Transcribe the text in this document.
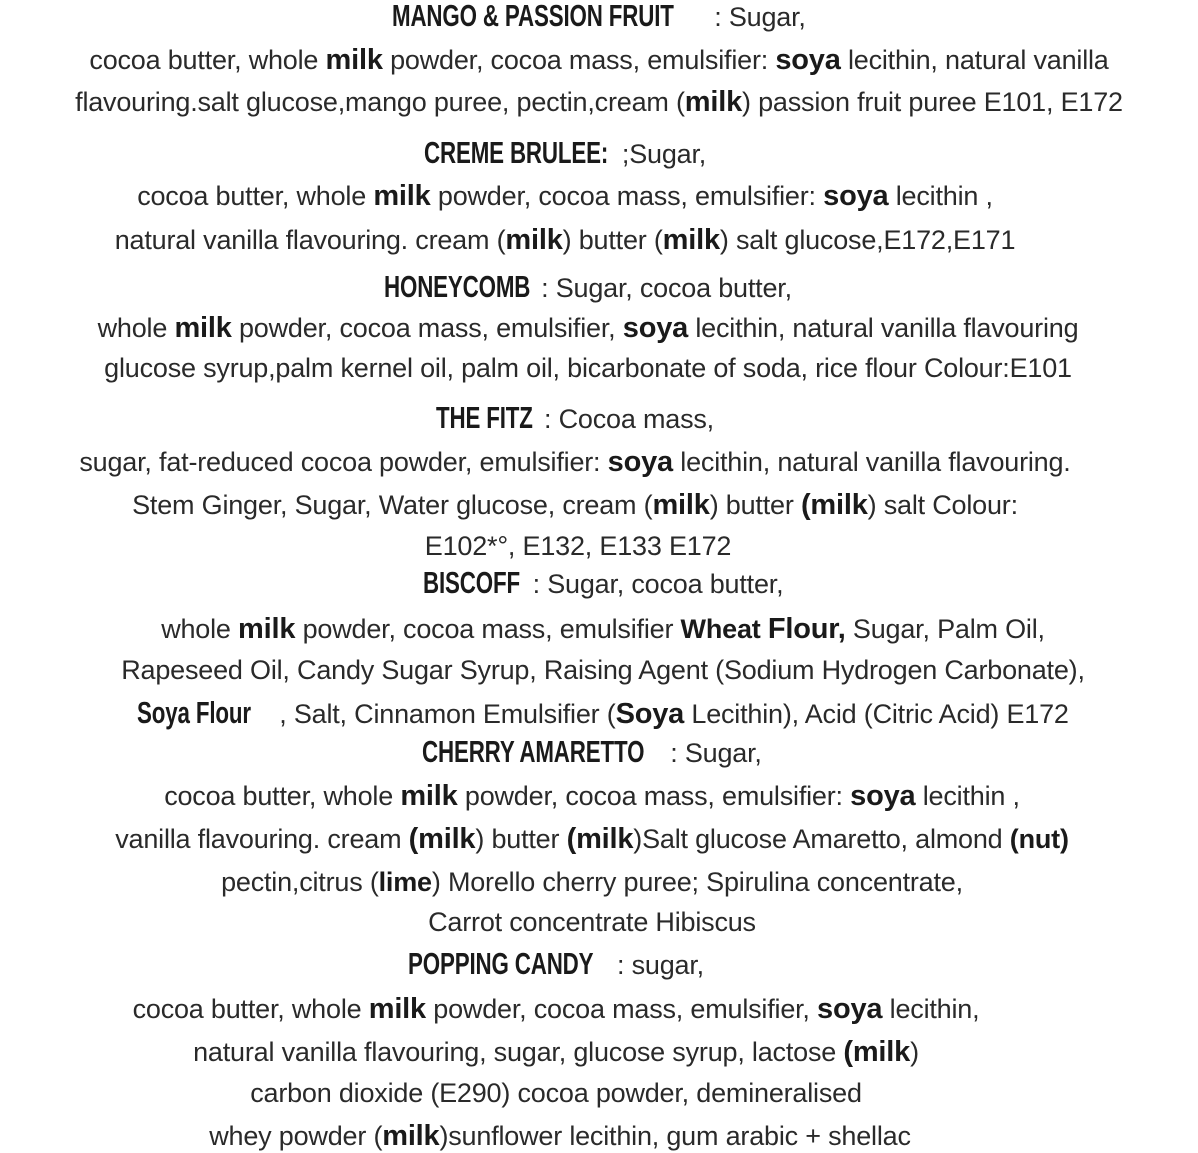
MANGO & PASSION FRUIT : Sugar,
cocoa butter, whole milk powder, cocoa mass, emulsifier: soya lecithin, natural vanilla
flavouring.salt glucose,mango puree, pectin,cream (milk) passion fruit puree E101, E172
CREME BRULEE: ;Sugar,
cocoa butter, whole milk powder, cocoa mass, emulsifier: soya lecithin ,
natural vanilla flavouring. cream (milk) butter (milk) salt glucose,E172,E171
HONEYCOMB : Sugar, cocoa butter,
whole milk powder, cocoa mass, emulsifier, soya lecithin, natural vanilla flavouring
glucose syrup,palm kernel oil, palm oil, bicarbonate of soda, rice flour Colour:E101
THE FITZ : Cocoa mass,
sugar, fat-reduced cocoa powder, emulsifier: soya lecithin, natural vanilla flavouring.
Stem Ginger, Sugar, Water glucose, cream (milk) butter (milk) salt Colour:
E102*°, E132, E133 E172
BISCOFF : Sugar, cocoa butter,
whole milk powder, cocoa mass, emulsifier Wheat Flour, Sugar, Palm Oil,
Rapeseed Oil, Candy Sugar Syrup, Raising Agent (Sodium Hydrogen Carbonate),
Soya Flour , Salt, Cinnamon Emulsifier (Soya Lecithin), Acid (Citric Acid) E172
CHERRY AMARETTO : Sugar,
cocoa butter, whole milk powder, cocoa mass, emulsifier: soya lecithin ,
vanilla flavouring. cream (milk) butter (milk)Salt glucose Amaretto, almond (nut)
pectin,citrus (lime) Morello cherry puree; Spirulina concentrate,
Carrot concentrate Hibiscus
POPPING CANDY : sugar,
cocoa butter, whole milk powder, cocoa mass, emulsifier, soya lecithin,
natural vanilla flavouring, sugar, glucose syrup, lactose (milk)
carbon dioxide (E290) cocoa powder, demineralised
whey powder (milk)sunflower lecithin, gum arabic + shellac
